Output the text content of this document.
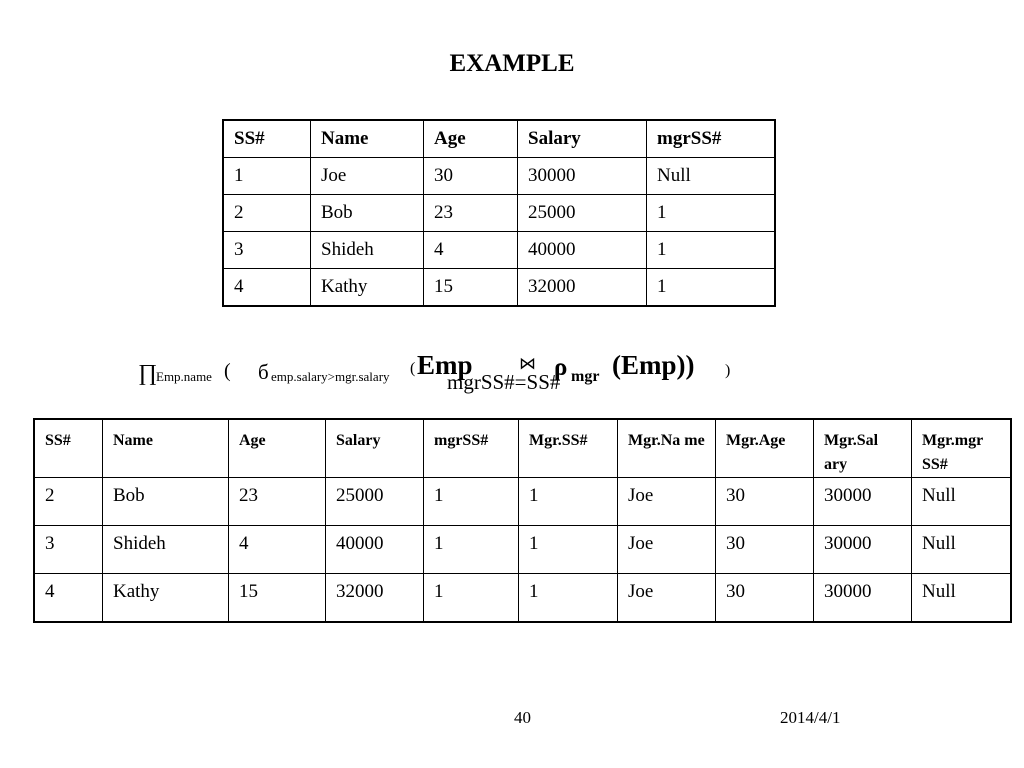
EXAMPLE
SS#	Name	Age	Salary	mgrSS#
1	Joe	30	30000	Null
2	Bob	23	25000	1
3	Shideh	4	40000	1
4	Kathy	15	32000	1
∏ Emp.name ( б emp.salary>mgr.salary ( Emp	⋈
mgrSS#=SS#
ρ mgr (Emp)) )
SS#	Name	Age	Salary	mgrSS#	Mgr.SS#	Mgr.Na me	Mgr.Age	Mgr.Sal ary	Mgr.mgr SS#
2	Bob	23	25000	1	1	Joe	30	30000	Null
3	Shideh	4	40000	1	1	Joe	30	30000	Null
4	Kathy	15	32000	1	1	Joe	30	30000	Null
40	2014/4/1
